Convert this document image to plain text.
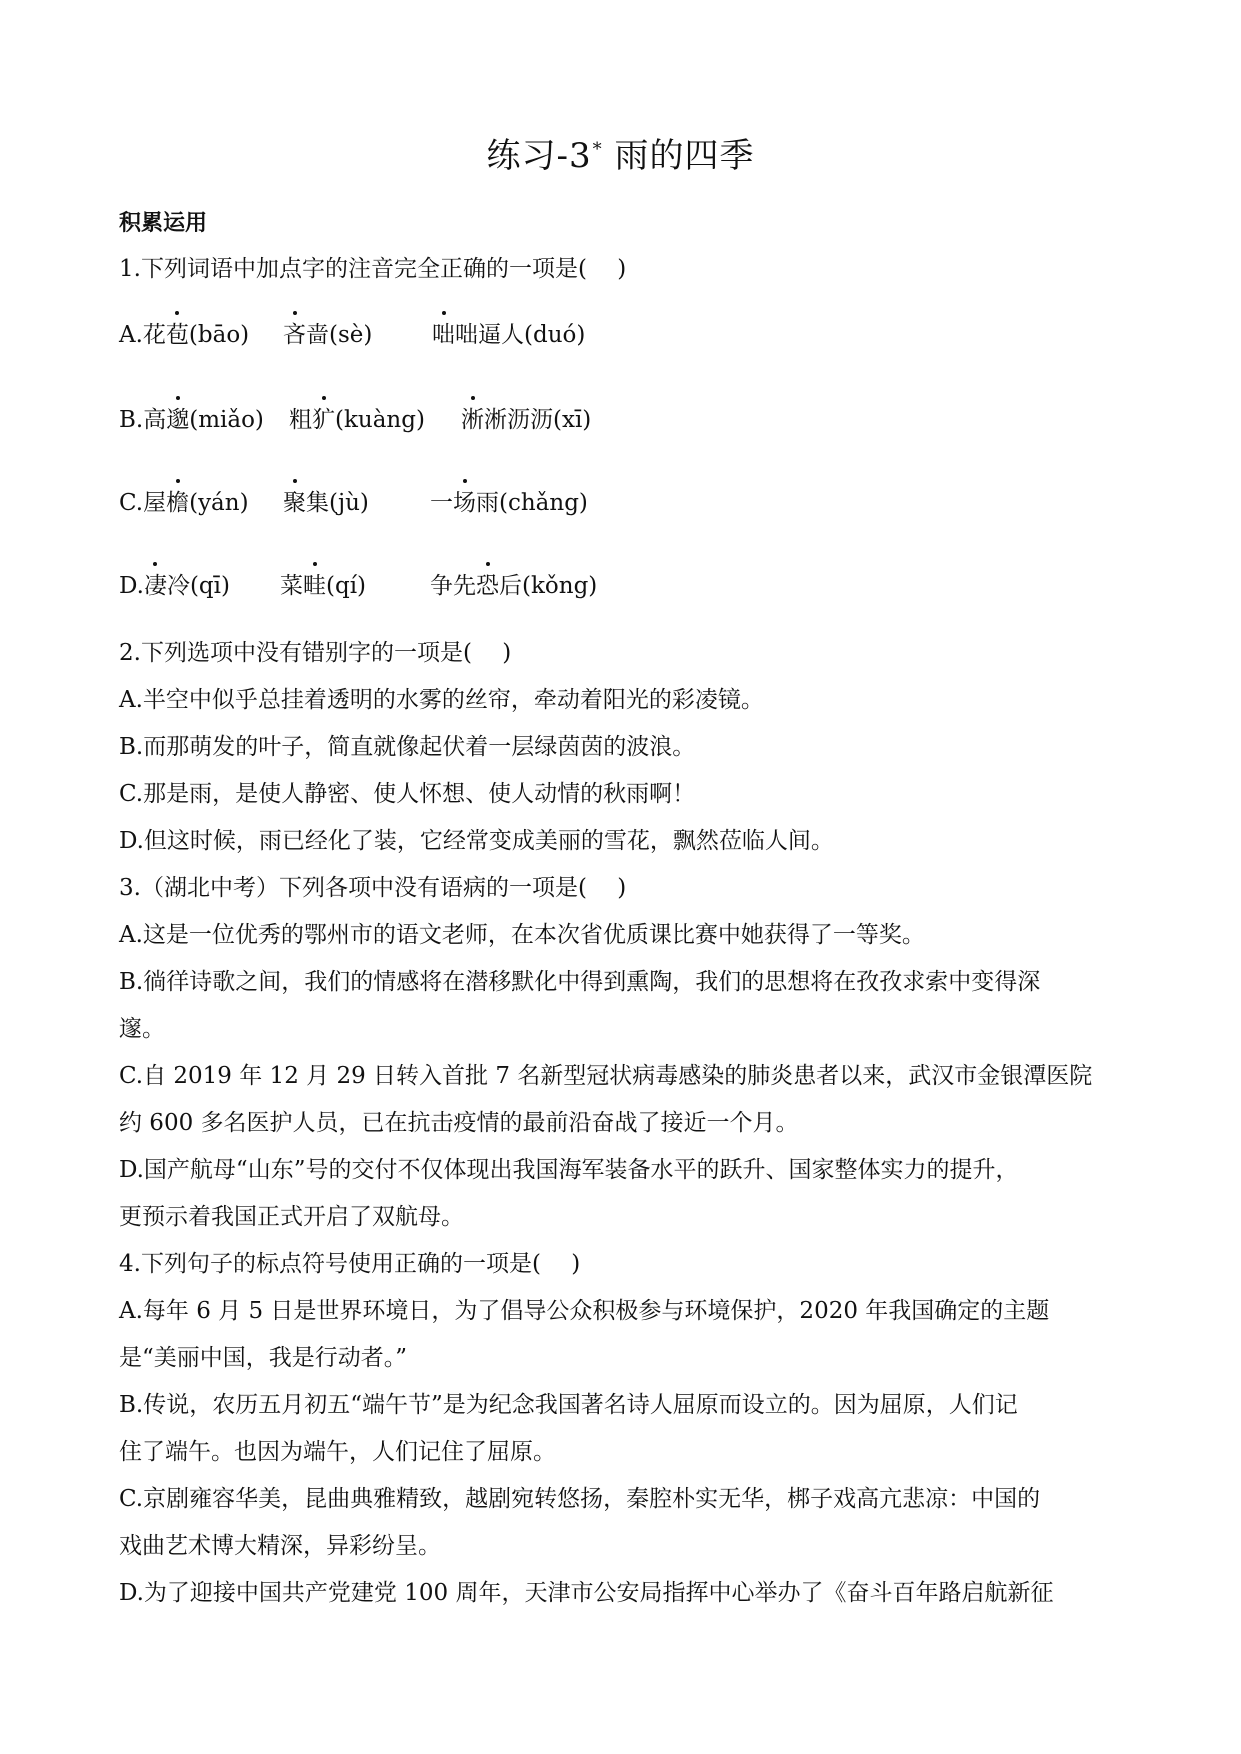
练习-3* 雨的四季
积累运用
1.下列词语中加点字的注音完全正确的一项是(　 )
A.花苞(bāo) 吝啬(sè)	咄咄逼人(duó)
B.高邈(miǎo) 粗犷(kuàng) 淅淅沥沥(xī)
C.屋檐(yán) 聚集(jù)	一场雨(chǎng)
D.凄冷(qī) 菜畦(qí)	争先恐后(kǒng)
2.下列选项中没有错别字的一项是(　 )
A.半空中似乎总挂着透明的水雾的丝帘，牵动着阳光的彩凌镜。
B.而那萌发的叶子，简直就像起伏着一层绿茵茵的波浪。
C.那是雨，是使人静密、使人怀想、使人动情的秋雨啊！
D.但这时候，雨已经化了装，它经常变成美丽的雪花，飘然莅临人间。
3.（湖北中考）下列各项中没有语病的一项是(　 )
A.这是一位优秀的鄂州市的语文老师，在本次省优质课比赛中她获得了一等奖。
B.徜徉诗歌之间，我们的情感将在潜移默化中得到熏陶，我们的思想将在孜孜求索中变得深
邃。
C.自 2019 年 12 月 29 日转入首批 7 名新型冠状病毒感染的肺炎患者以来，武汉市金银潭医院
约 600 多名医护人员，已在抗击疫情的最前沿奋战了接近一个月。
D.国产航母“山东”号的交付不仅体现出我国海军装备水平的跃升、国家整体实力的提升，
更预示着我国正式开启了双航母。
4.下列句子的标点符号使用正确的一项是(　 )
A.每年 6 月 5 日是世界环境日，为了倡导公众积极参与环境保护，2020 年我国确定的主题
是“美丽中国，我是行动者。”
B.传说，农历五月初五“端午节”是为纪念我国著名诗人屈原而设立的。因为屈原，人们记
住了端午。也因为端午，人们记住了屈原。
C.京剧雍容华美，昆曲典雅精致，越剧宛转悠扬，秦腔朴实无华，梆子戏高亢悲凉：中国的
戏曲艺术博大精深，异彩纷呈。
D.为了迎接中国共产党建党 100 周年，天津市公安局指挥中心举办了《奋斗百年路启航新征
